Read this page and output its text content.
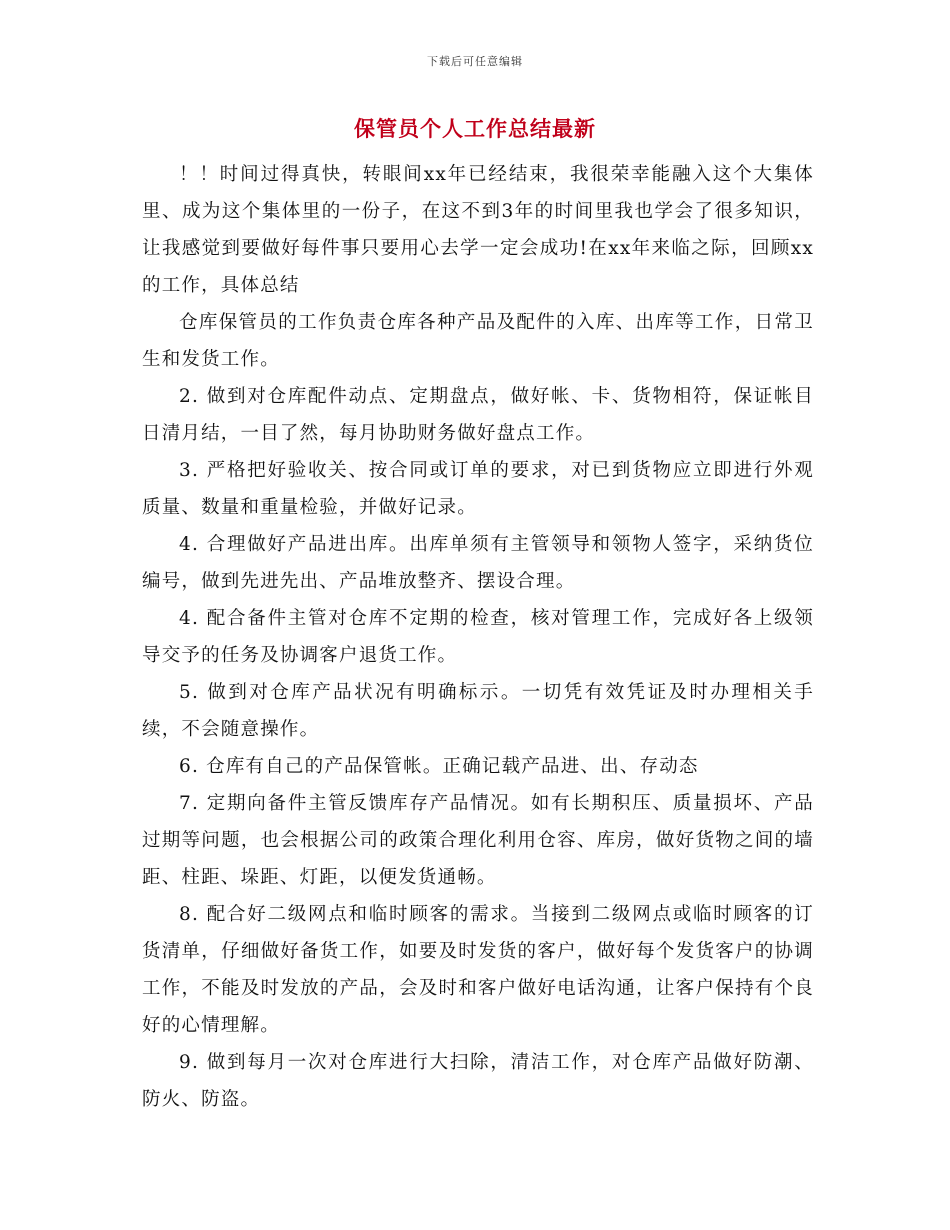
下载后可任意编辑
保管员个人工作总结最新

！！时间过得真快，转眼间xx年已经结束，我很荣幸能融入这个大集体里、成为这个集体里的一份子，在这不到3年的时间里我也学会了很多知识，让我感觉到要做好每件事只要用心去学一定会成功!在xx年来临之际，回顾xx的工作，具体总结

仓库保管员的工作负责仓库各种产品及配件的入库、出库等工作，日常卫生和发货工作。

2. 做到对仓库配件动点、定期盘点，做好帐、卡、货物相符，保证帐目日清月结，一目了然，每月协助财务做好盘点工作。

3. 严格把好验收关、按合同或订单的要求，对已到货物应立即进行外观质量、数量和重量检验，并做好记录。

4. 合理做好产品进出库。出库单须有主管领导和领物人签字，采纳货位编号，做到先进先出、产品堆放整齐、摆设合理。

4. 配合备件主管对仓库不定期的检查，核对管理工作，完成好各上级领导交予的任务及协调客户退货工作。

5. 做到对仓库产品状况有明确标示。一切凭有效凭证及时办理相关手续，不会随意操作。

6. 仓库有自己的产品保管帐。正确记载产品进、出、存动态

7. 定期向备件主管反馈库存产品情况。如有长期积压、质量损坏、产品过期等问题，也会根据公司的政策合理化利用仓容、库房，做好货物之间的墙距、柱距、垛距、灯距，以便发货通畅。

8. 配合好二级网点和临时顾客的需求。当接到二级网点或临时顾客的订货清单，仔细做好备货工作，如要及时发货的客户，做好每个发货客户的协调工作，不能及时发放的产品，会及时和客户做好电话沟通，让客户保持有个良好的心情理解。

9. 做到每月一次对仓库进行大扫除，清洁工作，对仓库产品做好防潮、防火、防盗。
